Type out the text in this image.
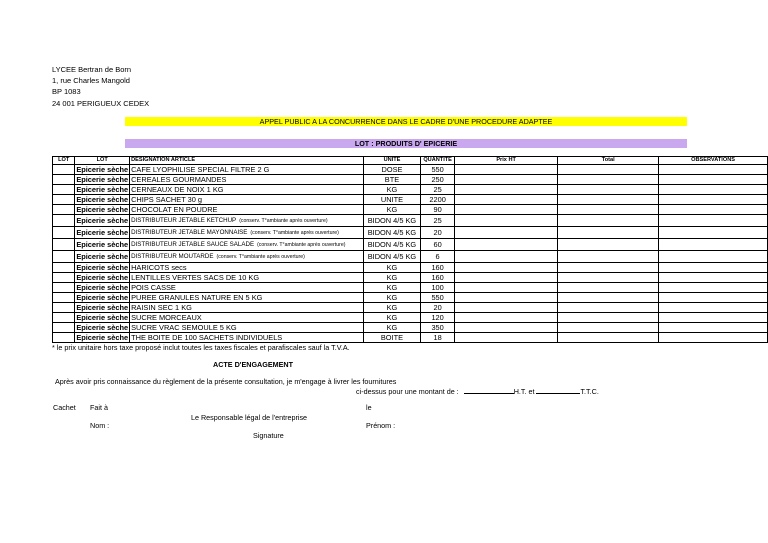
LYCEE Bertran de Born
1, rue Charles Mangold
BP 1083
24 001 PERIGUEUX CEDEX
APPEL PUBLIC A LA CONCURRENCE DANS LE CADRE D'UNE PROCEDURE ADAPTEE
LOT : PRODUITS D' EPICERIE
LOT	LOT	DESIGNATION ARTICLE	UNITE	QUANTITE	Prix HT	Total	OBSERVATIONS
	Epicerie sèche	CAFE LYOPHILISE SPECIAL FILTRE 2 G	DOSE	550			
	Epicerie sèche	CEREALES GOURMANDES	BTE	250			
	Epicerie sèche	CERNEAUX DE NOIX 1 KG	KG	25			
	Epicerie sèche	CHIPS SACHET 30 g	UNITE	2200			
	Epicerie sèche	CHOCOLAT EN POUDRE	KG	90			
	Epicerie sèche	DISTRIBUTEUR JETABLE KETCHUP (conserv. T°ambiante après ouverture)	BIDON 4/5 KG	25			
	Epicerie sèche	DISTRIBUTEUR JETABLE MAYONNAISE (conserv. T°ambiante après ouverture)	BIDON 4/5 KG	20			
	Epicerie sèche	DISTRIBUTEUR JETABLE SAUCE SALADE (conserv. T°ambiante après ouverture)	BIDON 4/5 KG	60			
	Epicerie sèche	DISTRIBUTEUR MOUTARDE (conserv. T°ambiante après ouverture)	BIDON 4/5 KG	6			
	Epicerie sèche	HARICOTS secs	KG	160			
	Epicerie sèche	LENTILLES VERTES SACS DE 10 KG	KG	160			
	Epicerie sèche	POIS CASSE	KG	100			
	Epicerie sèche	PUREE GRANULES NATURE EN 5 KG	KG	550			
	Epicerie sèche	RAISIN SEC 1 KG	KG	20			
	Epicerie sèche	SUCRE MORCEAUX	KG	120			
	Epicerie sèche	SUCRE VRAC SEMOULE 5 KG	KG	350			
	Epicerie sèche	THE BOITE DE 100 SACHETS INDIVIDUELS	BOITE	18			
* le prix unitaire hors taxe proposé inclut toutes les taxes fiscales et parafiscales sauf la T.V.A.
ACTE D'ENGAGEMENT
Après avoir pris connaissance du règlement de la présente consultation, je m'engage à livrer les fournitures
ci-dessus pour une montant de :	H.T. et	T.T.C.
Cachet Fait à	le
Le Responsable légal de l'entreprise
Nom :	Prénom :
Signature
